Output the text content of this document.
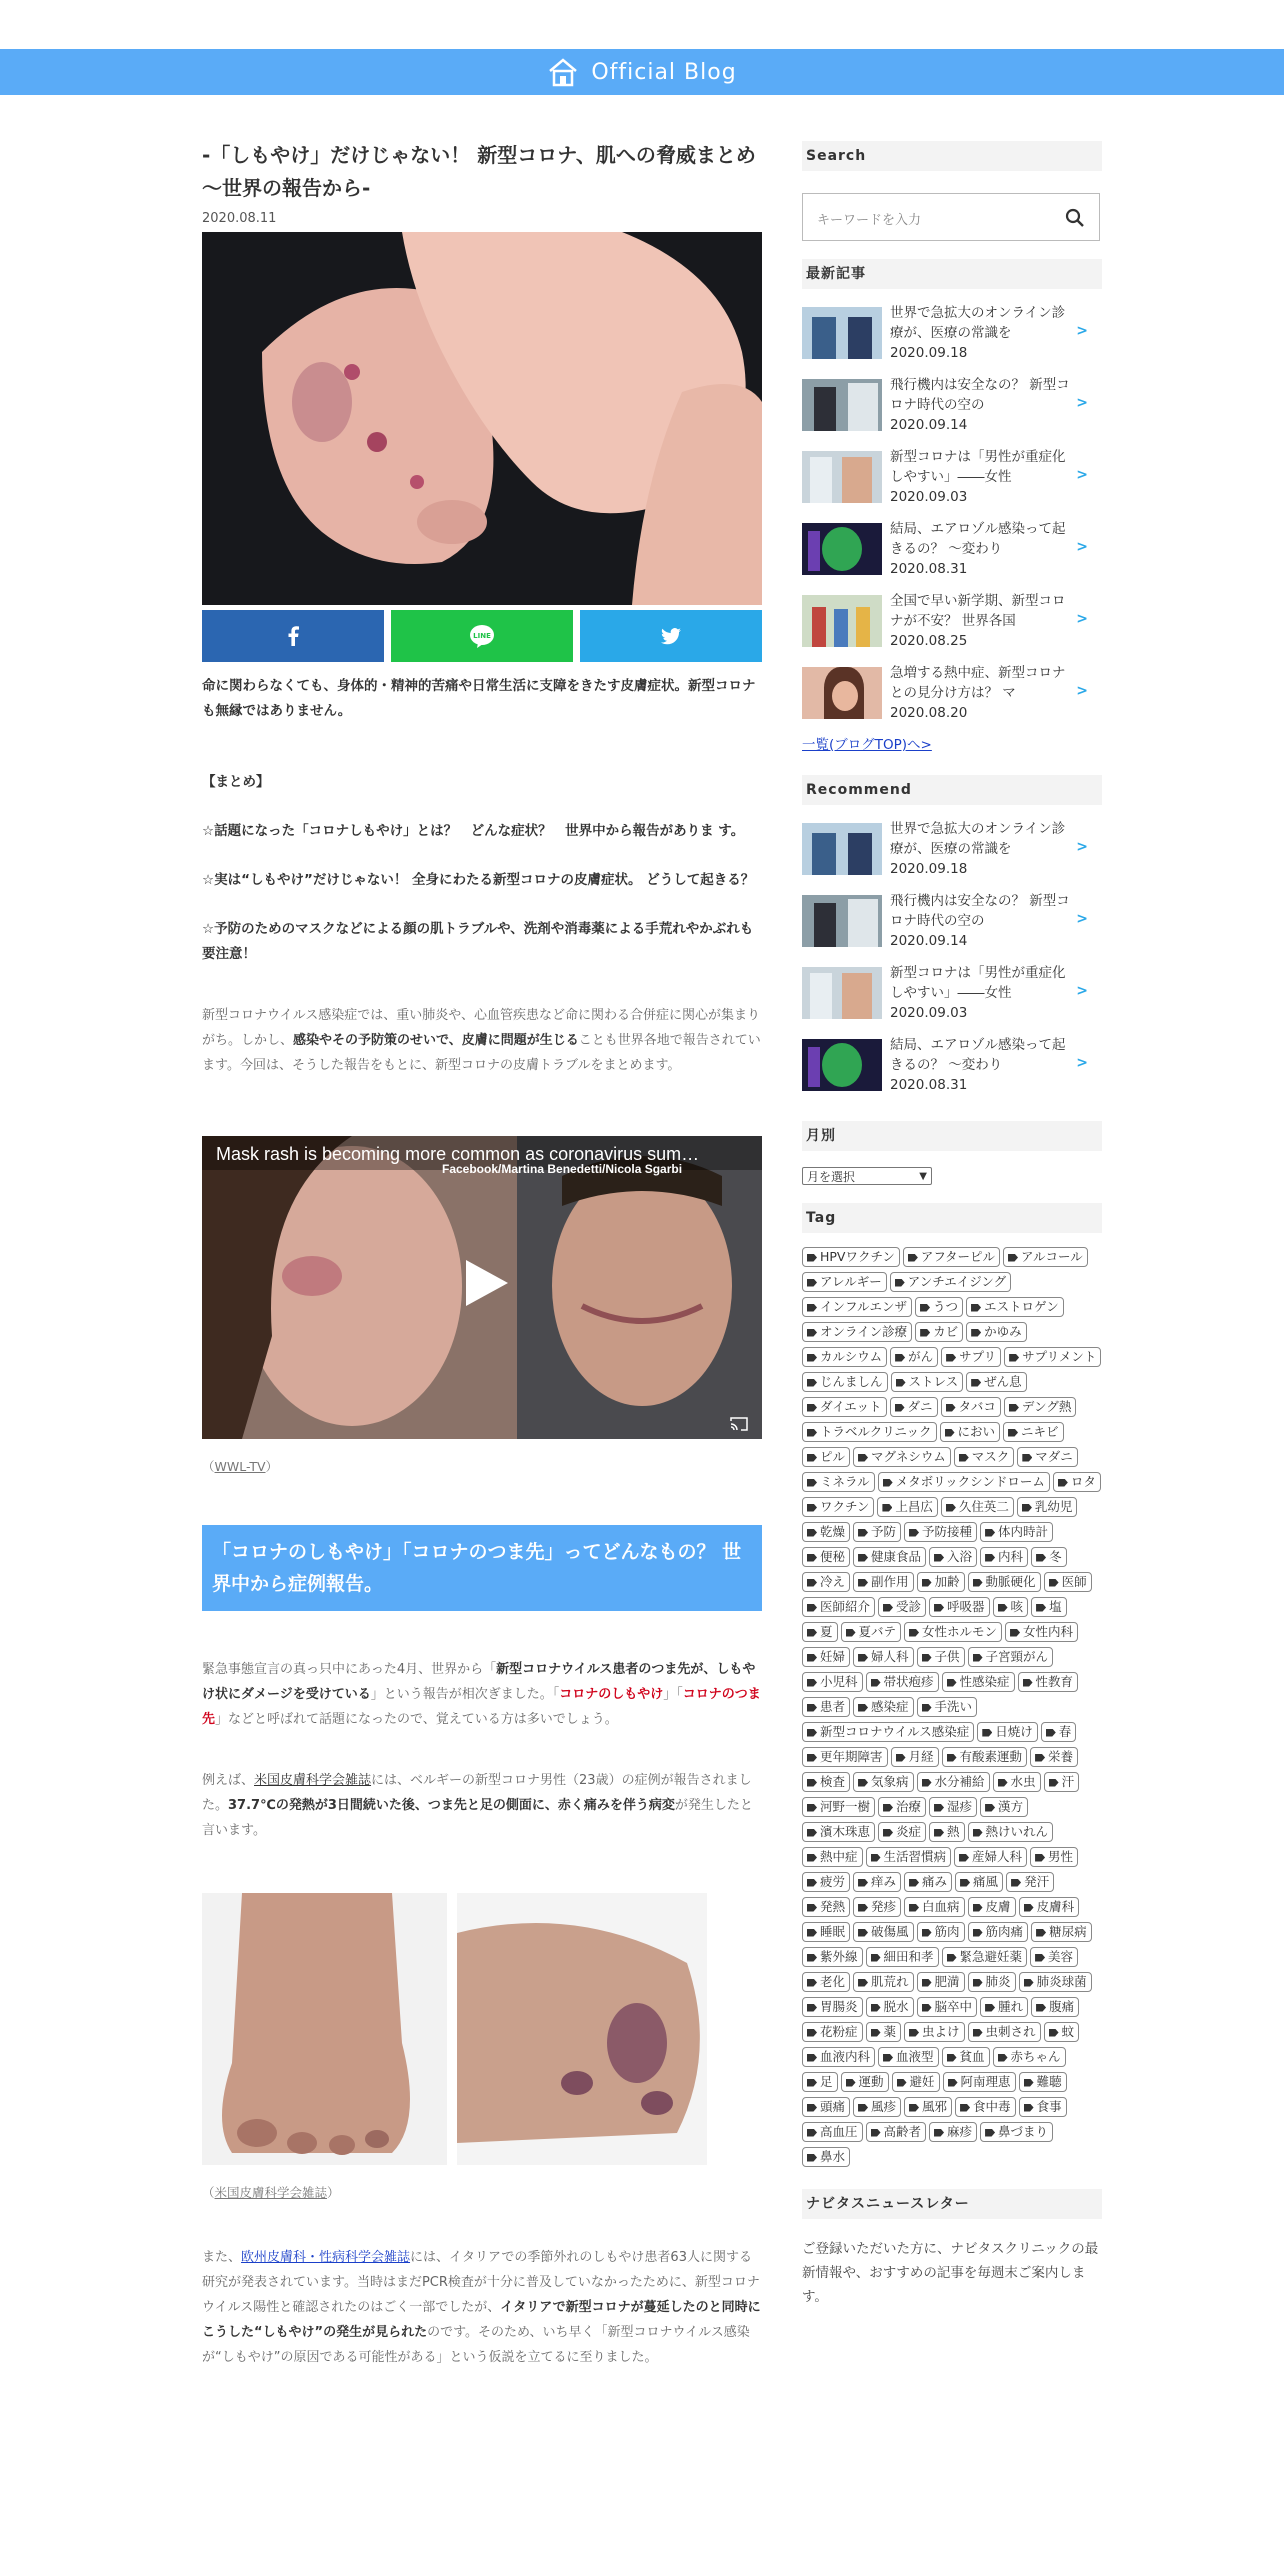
Official Blog
-「しもやけ」だけじゃない！ 新型コロナ、肌への脅威まとめ　～世界の報告から-
2020.08.11
LINE

命に関わらなくても、身体的・精神的苦痛や日常生活に支障をきたす皮膚症状。新型コロナも無縁ではありません。

【まとめ】

☆話題になった「コロナしもやけ」とは？　どんな症状？　世界中から報告がありま す。

☆実は“しもやけ”だけじゃない！ 全身にわたる新型コロナの皮膚症状。 どうして起きる？

☆予防のためのマスクなどによる顔の肌トラブルや、洗剤や消毒薬による手荒れやかぶれも要注意！

新型コロナウイルス感染症では、重い肺炎や、心血管疾患など命に関わる合併症に関心が集まりがち。しかし、感染やその予防策のせいで、皮膚に問題が生じることも世界各地で報告されています。今回は、そうした報告をもとに、新型コロナの皮膚トラブルをまとめます。

Mask rash is becoming more common as coronavirus sum…
Facebook/Martina Benedetti/Nicola Sgarbi
（WWL-TV）
「コロナのしもやけ」「コロナのつま先」ってどんなもの？ 世界中から症例報告。

緊急事態宣言の真っ只中にあった4月、世界から「新型コロナウイルス患者のつま先が、しもやけ状にダメージを受けている」という報告が相次ぎました。「コロナのしもやけ」「コロナのつま先」などと呼ばれて話題になったので、覚えている方は多いでしょう。

例えば、米国皮膚科学会雑誌には、ベルギーの新型コロナ男性（23歳）の症例が報告されました。37.7℃の発熱が3日間続いた後、つま先と足の側面に、赤く痛みを伴う病変が発生したと言います。

（米国皮膚科学会雑誌）

また、欧州皮膚科・性病科学会雑誌には、イタリアでの季節外れのしもやけ患者63人に関する研究が発表されています。当時はまだPCR検査が十分に普及していなかったために、新型コロナウイルス陽性と確認されたのはごく一部でしたが、イタリアで新型コロナが蔓延したのと同時にこうした“しもやけ”の発生が見られたのです。そのため、いち早く「新型コロナウイルス感染が“しもやけ”の原因である可能性がある」という仮説を立てるに至りました。

Search
キーワードを入力
最新記事
世界で急拡大のオンライン診療が、医療の常識を
2020.09.18
>
飛行機内は安全なの？ 新型コロナ時代の空の
2020.09.14
>
新型コロナは「男性が重症化しやすい」――女性
2020.09.03
>
結局、エアロゾル感染って起きるの？ ～変わり
2020.08.31
>
全国で早い新学期、新型コロナが不安？ 世界各国
2020.08.25
>
急増する熱中症、新型コロナとの見分け方は？ マ
2020.08.20
>
一覧(ブログTOP)へ>
Recommend
世界で急拡大のオンライン診療が、医療の常識を
2020.09.18
>
飛行機内は安全なの？ 新型コロナ時代の空の
2020.09.14
>
新型コロナは「男性が重症化しやすい」――女性
2020.09.03
>
結局、エアロゾル感染って起きるの？ ～変わり
2020.08.31
>
月別
月を選択	▼
Tag
HPVワクチン	アフターピル	アルコール
アレルギー	アンチエイジング
インフルエンザ	うつ	エストロゲン
オンライン診療	カビ	かゆみ
カルシウム	がん	サプリ	サプリメント
じんましん	ストレス	ぜん息
ダイエット	ダニ	タバコ	デング熱
トラベルクリニック	におい	ニキビ
ピル	マグネシウム	マスク	マダニ
ミネラル	メタボリックシンドローム	ロタ
ワクチン	上昌広	久住英二	乳幼児
乾燥	予防	予防接種	体内時計
便秘	健康食品	入浴	内科	冬
冷え	副作用	加齢	動脈硬化	医師
医師紹介	受診	呼吸器	咳	塩
夏	夏バテ	女性ホルモン	女性内科
妊婦	婦人科	子供	子宮頸がん
小児科	帯状疱疹	性感染症	性教育
患者	感染症	手洗い
新型コロナウイルス感染症	日焼け	春
更年期障害	月経	有酸素運動	栄養
検査	気象病	水分補給	水虫	汗
河野一樹	治療	湿疹	漢方
濱木珠恵	炎症	熱	熱けいれん
熱中症	生活習慣病	産婦人科	男性
疲労	痒み	痛み	痛風	発汗
発熱	発疹	白血病	皮膚	皮膚科
睡眠	破傷風	筋肉	筋肉痛	糖尿病
紫外線	細田和孝	緊急避妊薬	美容
老化	肌荒れ	肥満	肺炎	肺炎球菌
胃腸炎	脱水	脳卒中	腫れ	腹痛
花粉症	薬	虫よけ	虫刺され	蚊
血液内科	血液型	貧血	赤ちゃん
足	運動	避妊	阿南理恵	難聴
頭痛	風疹	風邪	食中毒	食事
高血圧	高齢者	麻疹	鼻づまり
鼻水
ナビタスニュースレター

ご登録いただいた方に、ナビタスクリニックの最新情報や、おすすめの記事を毎週末ご案内します。
